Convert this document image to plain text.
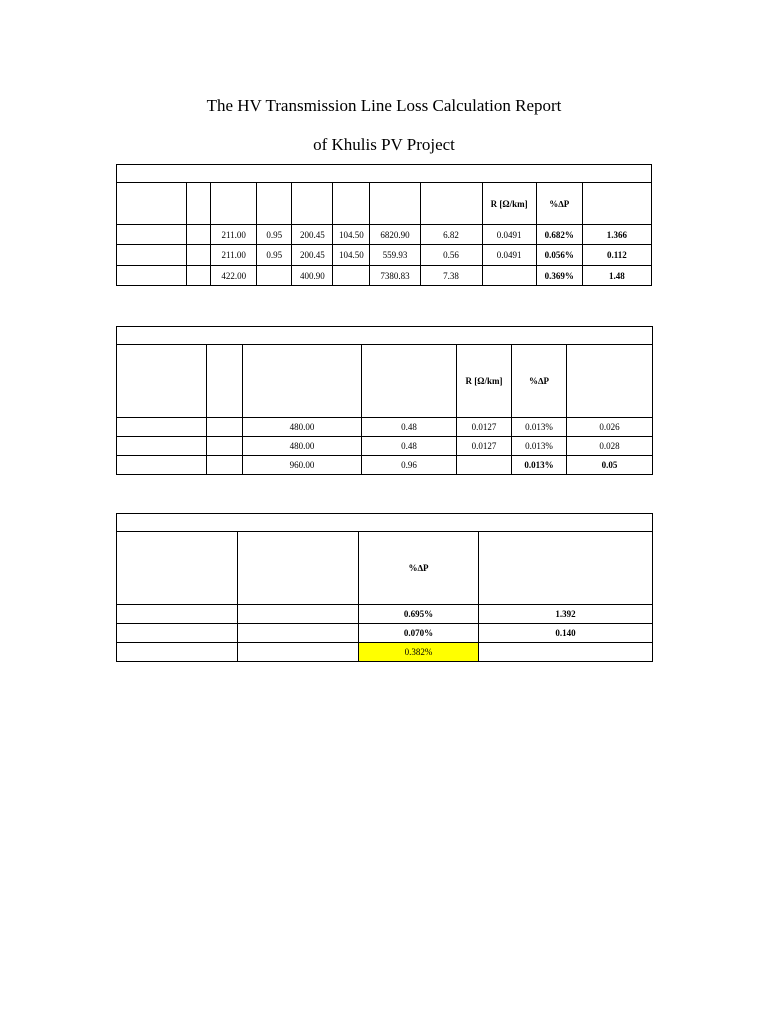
The HV Transmission Line Loss Calculation Report
of Khulis PV Project

								R [Ω/km]	%∆P	
		211.00	0.95	200.45	104.50	6820.90	6.82	0.0491	0.682%	1.366
		211.00	0.95	200.45	104.50	559.93	0.56	0.0491	0.056%	0.112
		422.00		400.90		7380.83	7.38		0.369%	1.48

				R [Ω/km]	%∆P	
		480.00	0.48	0.0127	0.013%	0.026
		480.00	0.48	0.0127	0.013%	0.028
		960.00	0.96		0.013%	0.05

		%∆P	
		0.695%	1.392
		0.070%	0.140
		0.382%	
